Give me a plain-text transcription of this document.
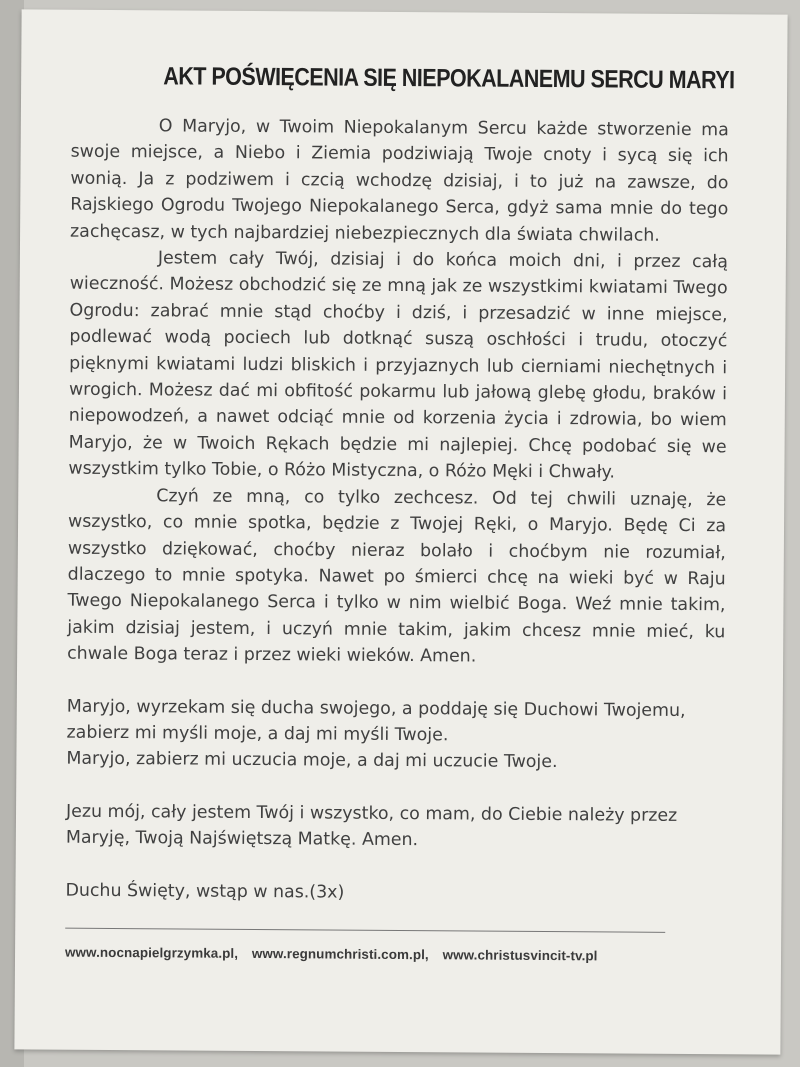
AKT POŚWIĘCENIA SIĘ NIEPOKALANEMU SERCU MARYI

O Maryjo, w Twoim Niepokalanym Sercu każde stworzenie ma swoje miejsce, a Niebo i Ziemia podziwiają Twoje cnoty i sycą się ich wonią. Ja z podziwem i czcią wchodzę dzisiaj, i to już na zawsze, do Rajskiego Ogrodu Twojego Niepokalanego Serca, gdyż sama mnie do tego zachęcasz, w tych najbardziej niebezpiecznych dla świata chwilach.

Jestem cały Twój, dzisiaj i do końca moich dni, i przez całą wieczność. Możesz obchodzić się ze mną jak ze wszystkimi kwiatami Twego Ogrodu: zabrać mnie stąd choćby i dziś, i przesadzić w inne miejsce, podlewać wodą pociech lub dotknąć suszą oschłości i trudu, otoczyć pięknymi kwiatami ludzi bliskich i przyjaznych lub cierniami niechętnych i wrogich. Możesz dać mi obfitość pokarmu lub jałową glebę głodu, braków i niepowodzeń, a nawet odciąć mnie od korzenia życia i zdrowia, bo wiem Maryjo, że w Twoich Rękach będzie mi najlepiej. Chcę podobać się we wszystkim tylko Tobie, o Różo Mistyczna, o Różo Męki i Chwały.

Czyń ze mną, co tylko zechcesz. Od tej chwili uznaję, że wszystko, co mnie spotka, będzie z Twojej Ręki, o Maryjo. Będę Ci za wszystko dziękować, choćby nieraz bolało i choćbym nie rozumiał, dlaczego to mnie spotyka. Nawet po śmierci chcę na wieki być w Raju Twego Niepokalanego Serca i tylko w nim wielbić Boga. Weź mnie takim, jakim dzisiaj jestem, i uczyń mnie takim, jakim chcesz mnie mieć, ku chwale Boga teraz i przez wieki wieków. Amen.

Maryjo, wyrzekam się ducha swojego, a poddaję się Duchowi Twojemu, zabierz mi myśli moje, a daj mi myśli Twoje.

Maryjo, zabierz mi uczucia moje, a daj mi uczucie Twoje.

Jezu mój, cały jestem Twój i wszystko, co mam, do Ciebie należy przez Maryję, Twoją Najświętszą Matkę. Amen.

Duchu Święty, wstąp w nas.(3x)

www.nocnapielgrzymka.pl, www.regnumchristi.com.pl, www.christusvincit-tv.pl
